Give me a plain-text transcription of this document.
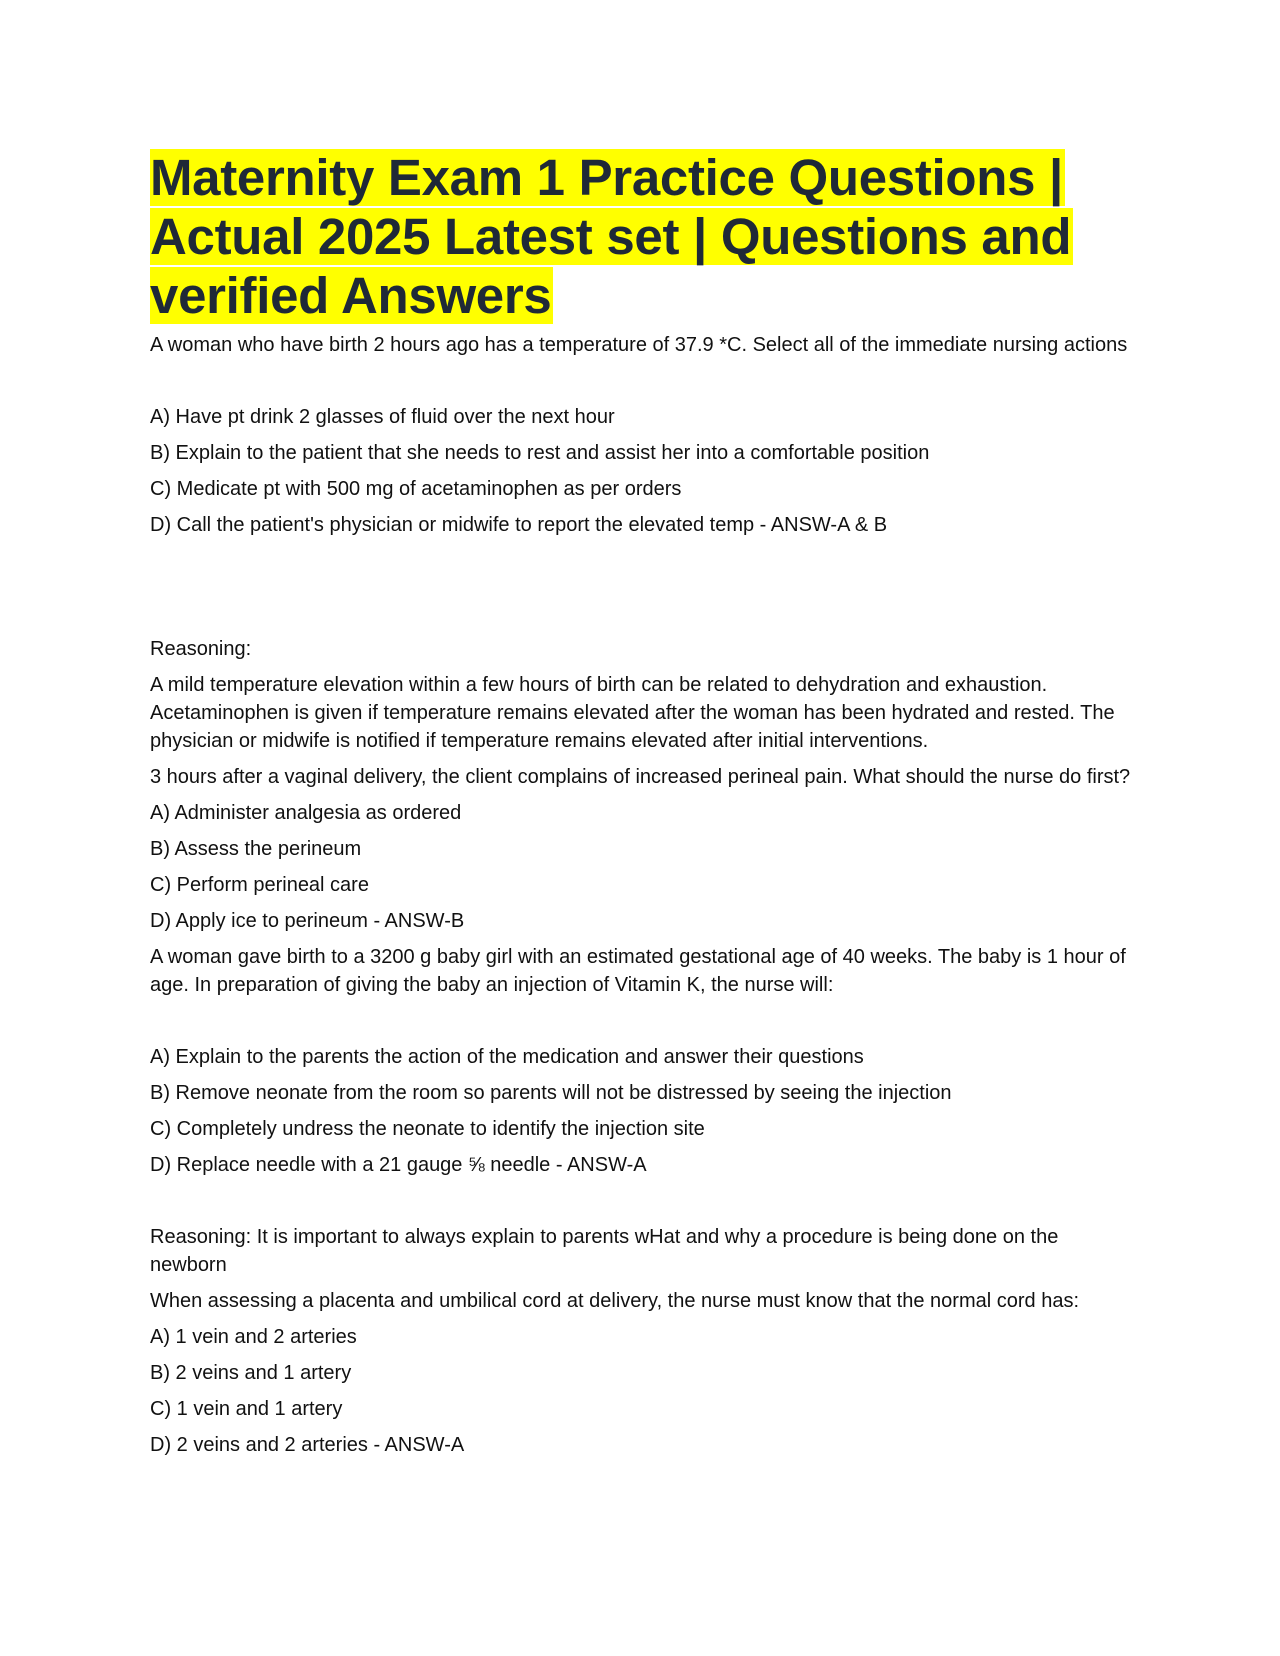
Maternity Exam 1 Practice Questions | Actual 2025 Latest set | Questions and verified Answers

A woman who have birth 2 hours ago has a temperature of 37.9 *C. Select all of the immediate nursing actions

A) Have pt drink 2 glasses of fluid over the next hour

B) Explain to the patient that she needs to rest and assist her into a comfortable position

C) Medicate pt with 500 mg of acetaminophen as per orders

D) Call the patient's physician or midwife to report the elevated temp - ANSW-A & B

Reasoning:

A mild temperature elevation within a few hours of birth can be related to dehydration and exhaustion. Acetaminophen is given if temperature remains elevated after the woman has been hydrated and rested. The physician or midwife is notified if temperature remains elevated after initial interventions.

3 hours after a vaginal delivery, the client complains of increased perineal pain. What should the nurse do first?

A) Administer analgesia as ordered

B) Assess the perineum

C) Perform perineal care

D) Apply ice to perineum - ANSW-B

A woman gave birth to a 3200 g baby girl with an estimated gestational age of 40 weeks. The baby is 1 hour of age. In preparation of giving the baby an injection of Vitamin K, the nurse will:

A) Explain to the parents the action of the medication and answer their questions

B) Remove neonate from the room so parents will not be distressed by seeing the injection

C) Completely undress the neonate to identify the injection site

D) Replace needle with a 21 gauge ⅝ needle - ANSW-A

Reasoning: It is important to always explain to parents wHat and why a procedure is being done on the newborn

When assessing a placenta and umbilical cord at delivery, the nurse must know that the normal cord has:

A) 1 vein and 2 arteries

B) 2 veins and 1 artery

C) 1 vein and 1 artery

D) 2 veins and 2 arteries - ANSW-A
